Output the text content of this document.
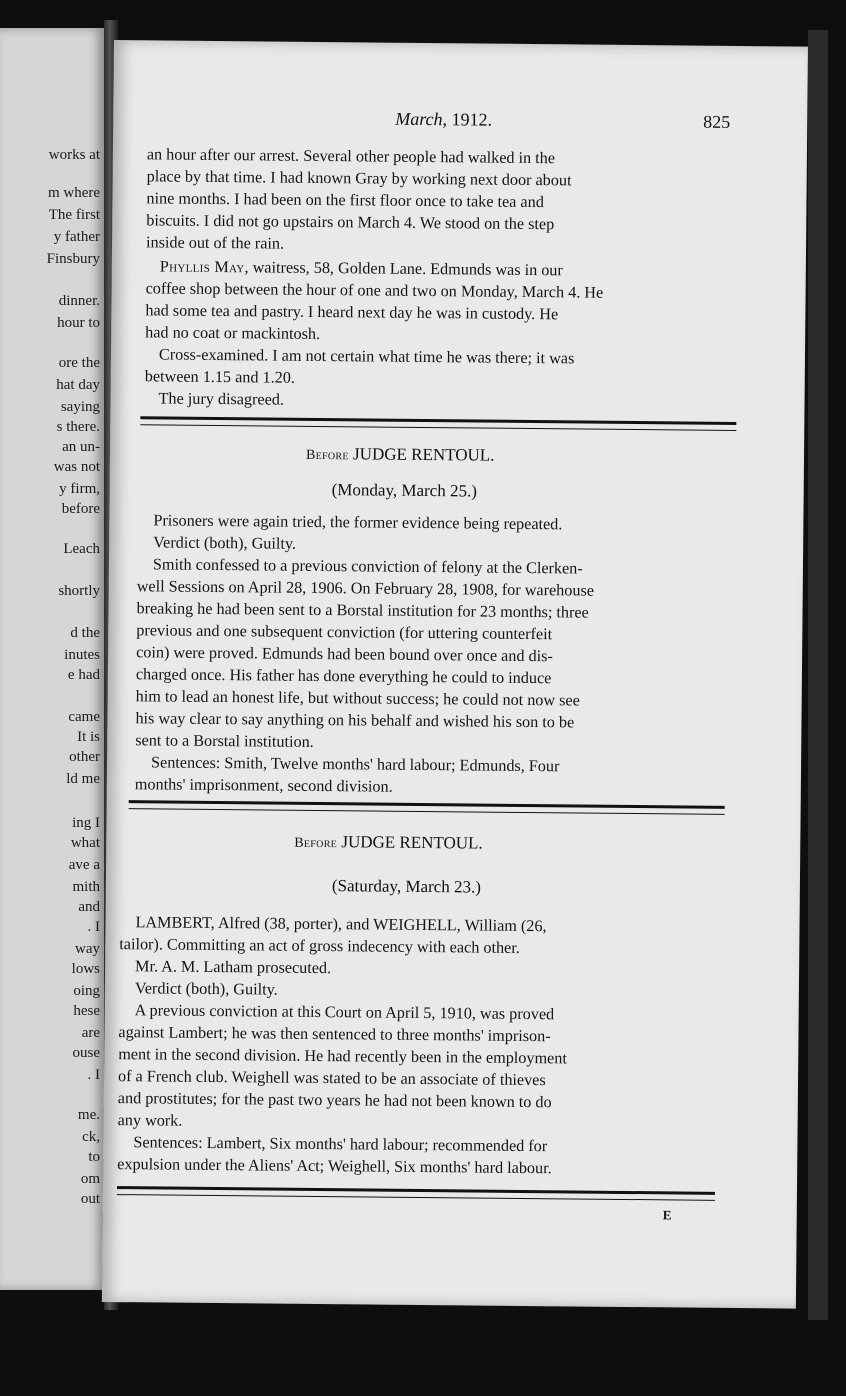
works at
m where
The first
y father
Finsbury
dinner.
hour to
ore the
hat day
saying
s there.
an un-
was not
y firm,
before
Leach
shortly
d the
inutes
e had
came
It is
other
ld me
ing I
what
ave a
mith
and
. I
way
lows
oing
hese
are
ouse
. I
me.
ck,
to
om
out
March, 1912.	825
an hour after our arrest. Several other people had walked in the
place by that time. I had known Gray by working next door about
nine months. I had been on the first floor once to take tea and
biscuits. I did not go upstairs on March 4. We stood on the step
inside out of the rain.
Phyllis May, waitress, 58, Golden Lane. Edmunds was in our
coffee shop between the hour of one and two on Monday, March 4. He
had some tea and pastry. I heard next day he was in custody. He
had no coat or mackintosh.
Cross-examined. I am not certain what time he was there; it was
between 1.15 and 1.20.
The jury disagreed.
Before JUDGE RENTOUL.
(Monday, March 25.)
Prisoners were again tried, the former evidence being repeated.
Verdict (both), Guilty.
Smith confessed to a previous conviction of felony at the Clerken-
well Sessions on April 28, 1906. On February 28, 1908, for warehouse
breaking he had been sent to a Borstal institution for 23 months; three
previous and one subsequent conviction (for uttering counterfeit
coin) were proved. Edmunds had been bound over once and dis-
charged once. His father has done everything he could to induce
him to lead an honest life, but without success; he could not now see
his way clear to say anything on his behalf and wished his son to be
sent to a Borstal institution.
Sentences: Smith, Twelve months' hard labour; Edmunds, Four
months' imprisonment, second division.
Before JUDGE RENTOUL.
(Saturday, March 23.)
LAMBERT, Alfred (38, porter), and WEIGHELL, William (26,
tailor). Committing an act of gross indecency with each other.
Mr. A. M. Latham prosecuted.
Verdict (both), Guilty.
A previous conviction at this Court on April 5, 1910, was proved
against Lambert; he was then sentenced to three months' imprison-
ment in the second division. He had recently been in the employment
of a French club. Weighell was stated to be an associate of thieves
and prostitutes; for the past two years he had not been known to do
any work.
Sentences: Lambert, Six months' hard labour; recommended for
expulsion under the Aliens' Act; Weighell, Six months' hard labour.
E
